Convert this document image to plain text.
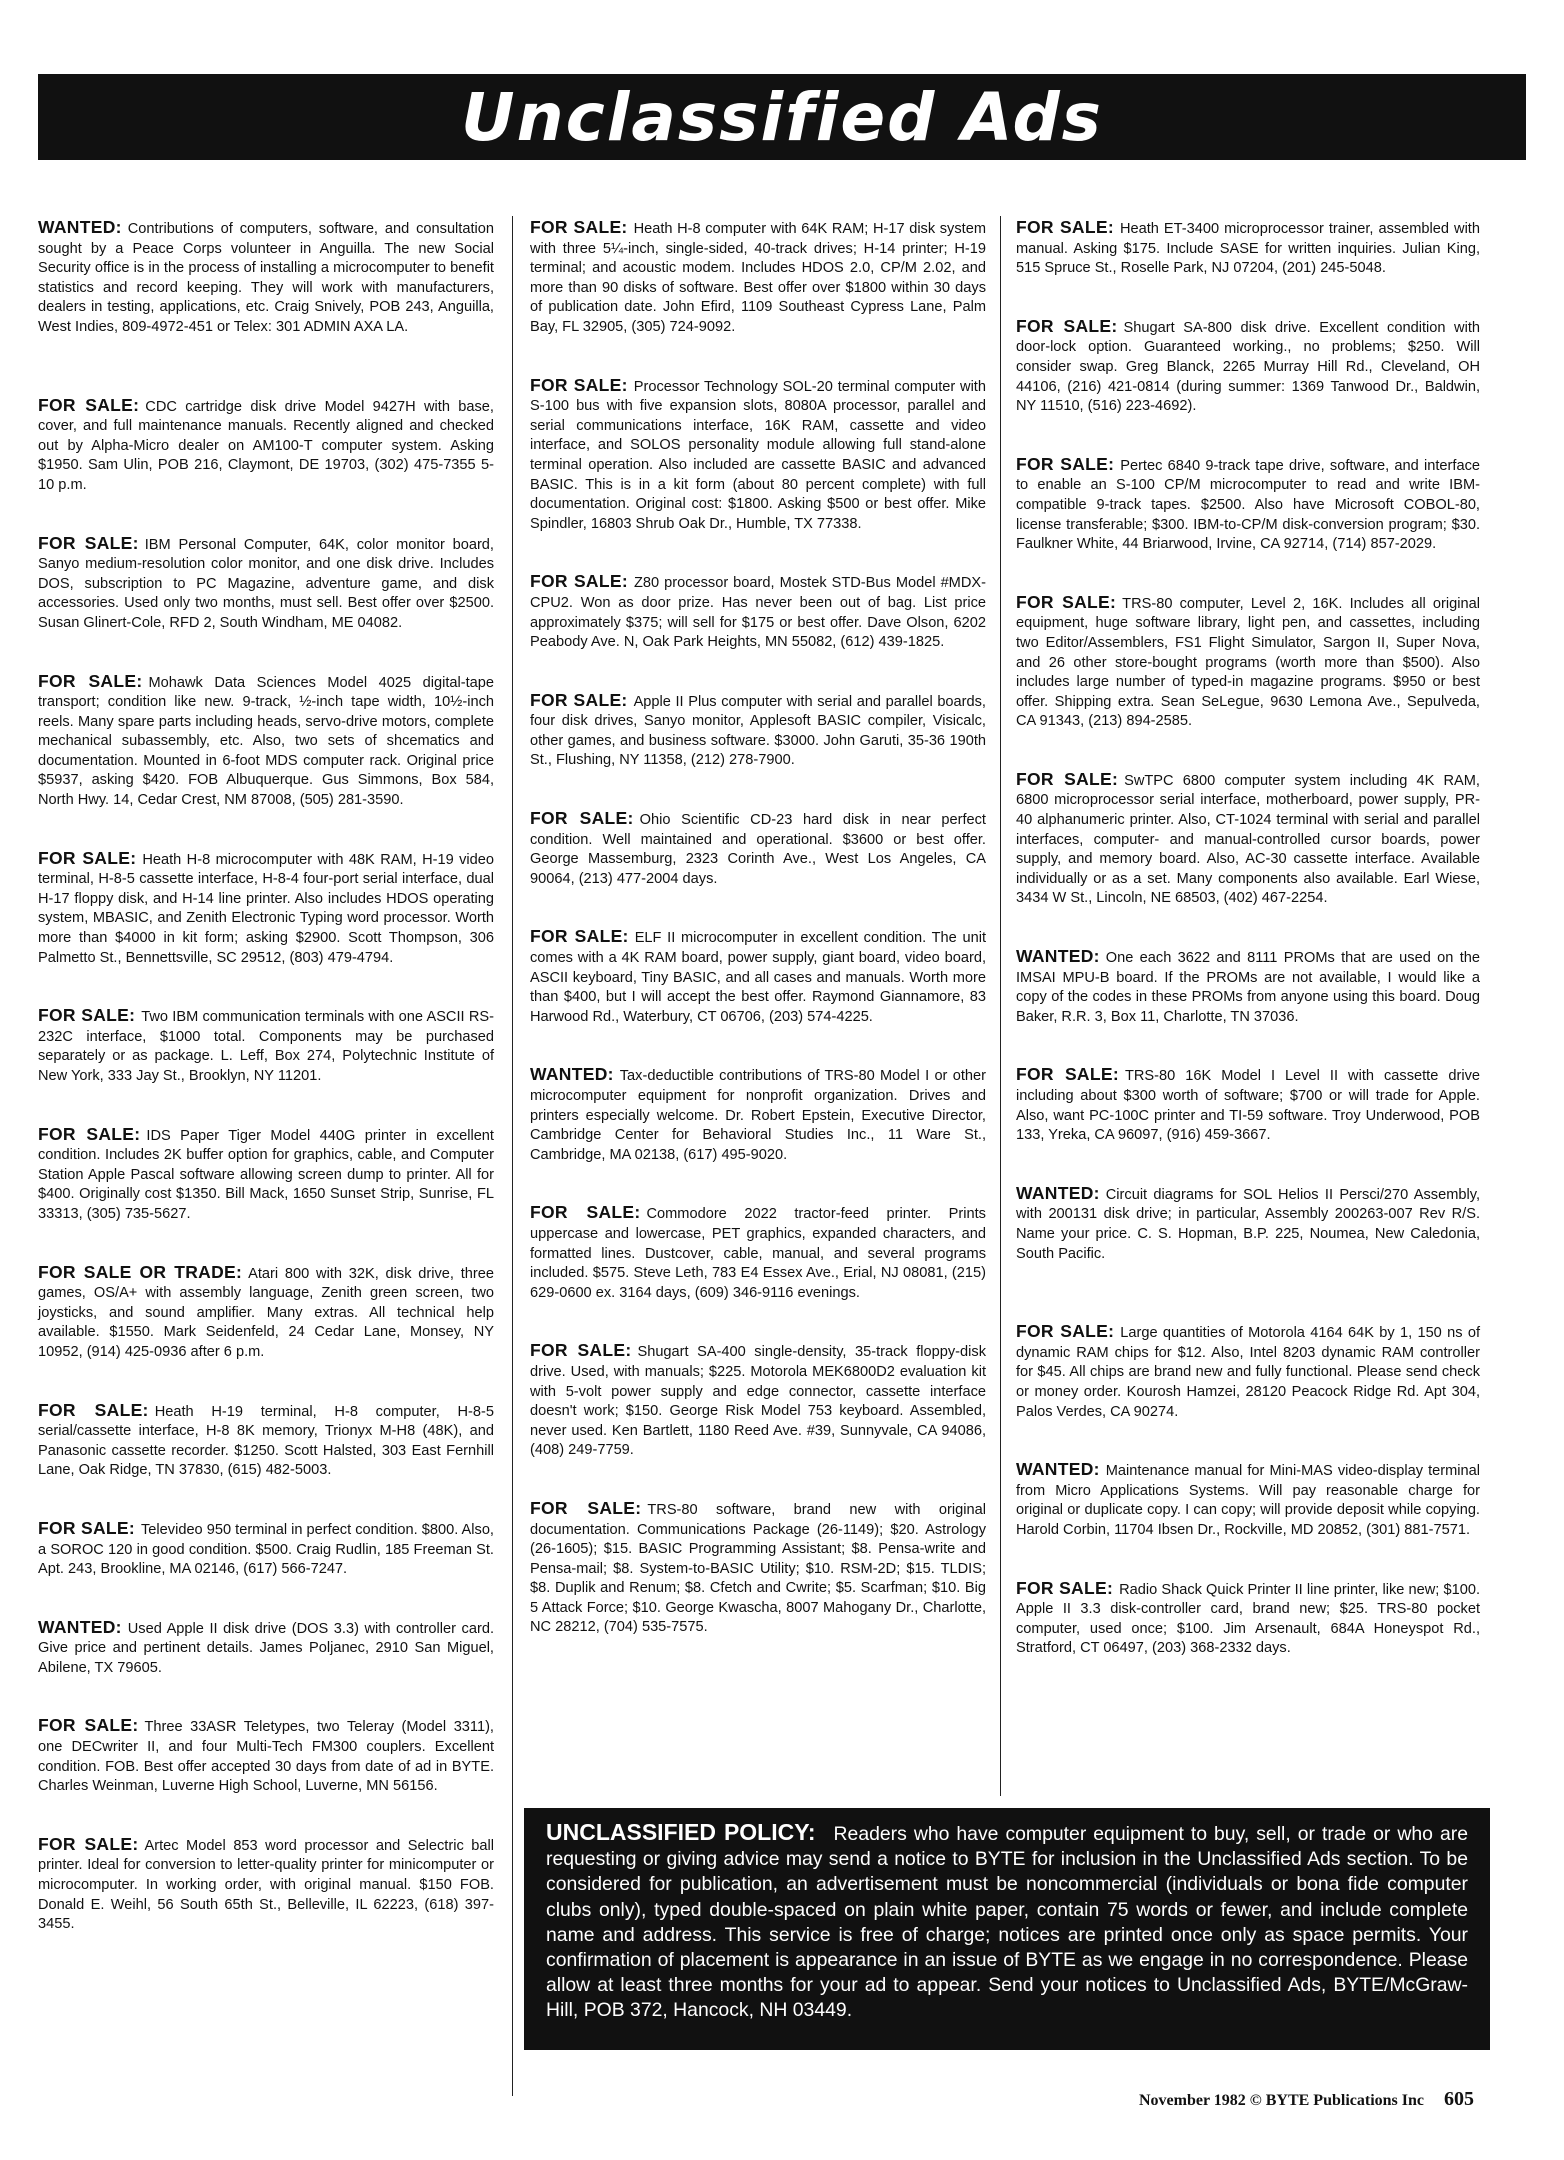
Unclassified Ads

WANTED: Contributions of computers, software, and consultation sought by a Peace Corps volunteer in Anguilla. The new Social Security office is in the process of installing a microcomputer to benefit statistics and record keeping. They will work with manufacturers, dealers in testing, applications, etc. Craig Snively, POB 243, Anguilla, West Indies, 809-4972-451 or Telex: 301 ADMIN AXA LA.

FOR SALE: CDC cartridge disk drive Model 9427H with base, cover, and full maintenance manuals. Recently aligned and checked out by Alpha-Micro dealer on AM100-T computer system. Asking $1950. Sam Ulin, POB 216, Claymont, DE 19703, (302) 475-7355 5-10 p.m.

FOR SALE: IBM Personal Computer, 64K, color monitor board, Sanyo medium-resolution color monitor, and one disk drive. Includes DOS, subscription to PC Magazine, adventure game, and disk accessories. Used only two months, must sell. Best offer over $2500. Susan Glinert-Cole, RFD 2, South Windham, ME 04082.

FOR SALE: Mohawk Data Sciences Model 4025 digital-tape transport; condition like new. 9-track, ½-inch tape width, 10½-inch reels. Many spare parts including heads, servo-drive motors, complete mechanical subassembly, etc. Also, two sets of shcematics and documentation. Mounted in 6-foot MDS computer rack. Original price $5937, asking $420. FOB Albuquerque. Gus Simmons, Box 584, North Hwy. 14, Cedar Crest, NM 87008, (505) 281-3590.

FOR SALE: Heath H-8 microcomputer with 48K RAM, H-19 video terminal, H-8-5 cassette interface, H-8-4 four-port serial interface, dual H-17 floppy disk, and H-14 line printer. Also includes HDOS operating system, MBASIC, and Zenith Electronic Typing word processor. Worth more than $4000 in kit form; asking $2900. Scott Thompson, 306 Palmetto St., Bennettsville, SC 29512, (803) 479-4794.

FOR SALE: Two IBM communication terminals with one ASCII RS-232C interface, $1000 total. Components may be purchased separately or as package. L. Leff, Box 274, Polytechnic Institute of New York, 333 Jay St., Brooklyn, NY 11201.

FOR SALE: IDS Paper Tiger Model 440G printer in excellent condition. Includes 2K buffer option for graphics, cable, and Computer Station Apple Pascal software allowing screen dump to printer. All for $400. Originally cost $1350. Bill Mack, 1650 Sunset Strip, Sunrise, FL 33313, (305) 735-5627.

FOR SALE OR TRADE: Atari 800 with 32K, disk drive, three games, OS/A+ with assembly language, Zenith green screen, two joysticks, and sound amplifier. Many extras. All technical help available. $1550. Mark Seidenfeld, 24 Cedar Lane, Monsey, NY 10952, (914) 425-0936 after 6 p.m.

FOR SALE: Heath H-19 terminal, H-8 computer, H-8-5 serial/cassette interface, H-8 8K memory, Trionyx M-H8 (48K), and Panasonic cassette recorder. $1250. Scott Halsted, 303 East Fernhill Lane, Oak Ridge, TN 37830, (615) 482-5003.

FOR SALE: Televideo 950 terminal in perfect condition. $800. Also, a SOROC 120 in good condition. $500. Craig Rudlin, 185 Freeman St. Apt. 243, Brookline, MA 02146, (617) 566-7247.

WANTED: Used Apple II disk drive (DOS 3.3) with controller card. Give price and pertinent details. James Poljanec, 2910 San Miguel, Abilene, TX 79605.

FOR SALE: Three 33ASR Teletypes, two Teleray (Model 3311), one DECwriter II, and four Multi-Tech FM300 couplers. Excellent condition. FOB. Best offer accepted 30 days from date of ad in BYTE. Charles Weinman, Luverne High School, Luverne, MN 56156.

FOR SALE: Artec Model 853 word processor and Selectric ball printer. Ideal for conversion to letter-quality printer for minicomputer or microcomputer. In working order, with original manual. $150 FOB. Donald E. Weihl, 56 South 65th St., Belleville, IL 62223, (618) 397-3455.

FOR SALE: Heath H-8 computer with 64K RAM; H-17 disk system with three 5¼-inch, single-sided, 40-track drives; H-14 printer; H-19 terminal; and acoustic modem. Includes HDOS 2.0, CP/M 2.02, and more than 90 disks of software. Best offer over $1800 within 30 days of publication date. John Efird, 1109 Southeast Cypress Lane, Palm Bay, FL 32905, (305) 724-9092.

FOR SALE: Processor Technology SOL-20 terminal computer with S-100 bus with five expansion slots, 8080A processor, parallel and serial communications interface, 16K RAM, cassette and video interface, and SOLOS personality module allowing full stand-alone terminal operation. Also included are cassette BASIC and advanced BASIC. This is in a kit form (about 80 percent complete) with full documentation. Original cost: $1800. Asking $500 or best offer. Mike Spindler, 16803 Shrub Oak Dr., Humble, TX 77338.

FOR SALE: Z80 processor board, Mostek STD-Bus Model #MDX-CPU2. Won as door prize. Has never been out of bag. List price approximately $375; will sell for $175 or best offer. Dave Olson, 6202 Peabody Ave. N, Oak Park Heights, MN 55082, (612) 439-1825.

FOR SALE: Apple II Plus computer with serial and parallel boards, four disk drives, Sanyo monitor, Applesoft BASIC compiler, Visicalc, other games, and business software. $3000. John Garuti, 35-36 190th St., Flushing, NY 11358, (212) 278-7900.

FOR SALE: Ohio Scientific CD-23 hard disk in near perfect condition. Well maintained and operational. $3600 or best offer. George Massemburg, 2323 Corinth Ave., West Los Angeles, CA 90064, (213) 477-2004 days.

FOR SALE: ELF II microcomputer in excellent condition. The unit comes with a 4K RAM board, power supply, giant board, video board, ASCII keyboard, Tiny BASIC, and all cases and manuals. Worth more than $400, but I will accept the best offer. Raymond Giannamore, 83 Harwood Rd., Waterbury, CT 06706, (203) 574-4225.

WANTED: Tax-deductible contributions of TRS-80 Model I or other microcomputer equipment for nonprofit organization. Drives and printers especially welcome. Dr. Robert Epstein, Executive Director, Cambridge Center for Behavioral Studies Inc., 11 Ware St., Cambridge, MA 02138, (617) 495-9020.

FOR SALE: Commodore 2022 tractor-feed printer. Prints uppercase and lowercase, PET graphics, expanded characters, and formatted lines. Dustcover, cable, manual, and several programs included. $575. Steve Leth, 783 E4 Essex Ave., Erial, NJ 08081, (215) 629-0600 ex. 3164 days, (609) 346-9116 evenings.

FOR SALE: Shugart SA-400 single-density, 35-track floppy-disk drive. Used, with manuals; $225. Motorola MEK6800D2 evaluation kit with 5-volt power supply and edge connector, cassette interface doesn't work; $150. George Risk Model 753 keyboard. Assembled, never used. Ken Bartlett, 1180 Reed Ave. #39, Sunnyvale, CA 94086, (408) 249-7759.

FOR SALE: TRS-80 software, brand new with original documentation. Communications Package (26-1149); $20. Astrology (26-1605); $15. BASIC Programming Assistant; $8. Pensa-write and Pensa-mail; $8. System-to-BASIC Utility; $10. RSM-2D; $15. TLDIS; $8. Duplik and Renum; $8. Cfetch and Cwrite; $5. Scarfman; $10. Big 5 Attack Force; $10. George Kwascha, 8007 Mahogany Dr., Charlotte, NC 28212, (704) 535-7575.

FOR SALE: Heath ET-3400 microprocessor trainer, assembled with manual. Asking $175. Include SASE for written inquiries. Julian King, 515 Spruce St., Roselle Park, NJ 07204, (201) 245-5048.

FOR SALE: Shugart SA-800 disk drive. Excellent condition with door-lock option. Guaranteed working., no problems; $250. Will consider swap. Greg Blanck, 2265 Murray Hill Rd., Cleveland, OH 44106, (216) 421-0814 (during summer: 1369 Tanwood Dr., Baldwin, NY 11510, (516) 223-4692).

FOR SALE: Pertec 6840 9-track tape drive, software, and interface to enable an S-100 CP/M microcomputer to read and write IBM-compatible 9-track tapes. $2500. Also have Microsoft COBOL-80, license transferable; $300. IBM-to-CP/M disk-conversion program; $30. Faulkner White, 44 Briarwood, Irvine, CA 92714, (714) 857-2029.

FOR SALE: TRS-80 computer, Level 2, 16K. Includes all original equipment, huge software library, light pen, and cassettes, including two Editor/Assemblers, FS1 Flight Simulator, Sargon II, Super Nova, and 26 other store-bought programs (worth more than $500). Also includes large number of typed-in magazine programs. $950 or best offer. Shipping extra. Sean SeLegue, 9630 Lemona Ave., Sepulveda, CA 91343, (213) 894-2585.

FOR SALE: SwTPC 6800 computer system including 4K RAM, 6800 microprocessor serial interface, motherboard, power supply, PR-40 alphanumeric printer. Also, CT-1024 terminal with serial and parallel interfaces, computer- and manual-controlled cursor boards, power supply, and memory board. Also, AC-30 cassette interface. Available individually or as a set. Many components also available. Earl Wiese, 3434 W St., Lincoln, NE 68503, (402) 467-2254.

WANTED: One each 3622 and 8111 PROMs that are used on the IMSAI MPU-B board. If the PROMs are not available, I would like a copy of the codes in these PROMs from anyone using this board. Doug Baker, R.R. 3, Box 11, Charlotte, TN 37036.

FOR SALE: TRS-80 16K Model I Level II with cassette drive including about $300 worth of software; $700 or will trade for Apple. Also, want PC-100C printer and TI-59 software. Troy Underwood, POB 133, Yreka, CA 96097, (916) 459-3667.

WANTED: Circuit diagrams for SOL Helios II Persci/270 Assembly, with 200131 disk drive; in particular, Assembly 200263-007 Rev R/S. Name your price. C. S. Hopman, B.P. 225, Noumea, New Caledonia, South Pacific.

FOR SALE: Large quantities of Motorola 4164 64K by 1, 150 ns of dynamic RAM chips for $12. Also, Intel 8203 dynamic RAM controller for $45. All chips are brand new and fully functional. Please send check or money order. Kourosh Hamzei, 28120 Peacock Ridge Rd. Apt 304, Palos Verdes, CA 90274.

WANTED: Maintenance manual for Mini-MAS video-display terminal from Micro Applications Systems. Will pay reasonable charge for original or duplicate copy. I can copy; will provide deposit while copying. Harold Corbin, 11704 Ibsen Dr., Rockville, MD 20852, (301) 881-7571.

FOR SALE: Radio Shack Quick Printer II line printer, like new; $100. Apple II 3.3 disk-controller card, brand new; $25. TRS-80 pocket computer, used once; $100. Jim Arsenault, 684A Honeyspot Rd., Stratford, CT 06497, (203) 368-2332 days.

UNCLASSIFIED POLICY: Readers who have computer equipment to buy, sell, or trade or who are requesting or giving advice may send a notice to BYTE for inclusion in the Unclassified Ads section. To be considered for publication, an advertisement must be noncommercial (individuals or bona fide computer clubs only), typed double-spaced on plain white paper, contain 75 words or fewer, and include complete name and address. This service is free of charge; notices are printed once only as space permits. Your confirmation of placement is appearance in an issue of BYTE as we engage in no correspondence. Please allow at least three months for your ad to appear. Send your notices to Unclassified Ads, BYTE/McGraw-Hill, POB 372, Hancock, NH 03449.
November 1982 © BYTE Publications Inc 605
